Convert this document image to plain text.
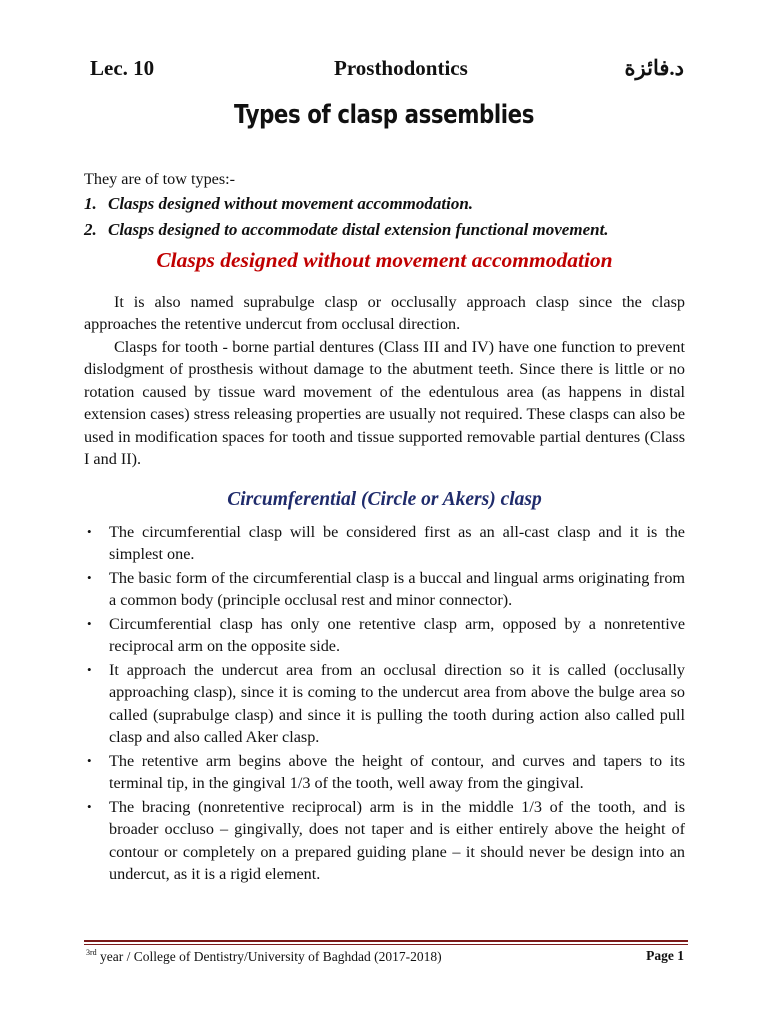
Lec. 10	Prosthodontics	د.فائزة
Types of clasp assemblies

They are of tow types:-

1. Clasps designed without movement accommodation.
2. Clasps designed to accommodate distal extension functional movement.
Clasps designed without movement accommodation

It is also named suprabulge clasp or occlusally approach clasp since the clasp approaches the retentive undercut from occlusal direction.

Clasps for tooth - borne partial dentures (Class III and IV) have one function to prevent dislodgment of prosthesis without damage to the abutment teeth. Since there is little or no rotation caused by tissue ward movement of the edentulous area (as happens in distal extension cases) stress releasing properties are usually not required. These clasps can also be used in modification spaces for tooth and tissue supported removable partial dentures (Class I and II).

Circumferential (Circle or Akers) clasp
• The circumferential clasp will be considered first as an all-cast clasp and it is the simplest one.
• The basic form of the circumferential clasp is a buccal and lingual arms originating from a common body (principle occlusal rest and minor connector).
• Circumferential clasp has only one retentive clasp arm, opposed by a nonretentive reciprocal arm on the opposite side.
• It approach the undercut area from an occlusal direction so it is called (occlusally approaching clasp), since it is coming to the undercut area from above the bulge area so called (suprabulge clasp) and since it is pulling the tooth during action also called pull clasp and also called Aker clasp.
• The retentive arm begins above the height of contour, and curves and tapers to its terminal tip, in the gingival 1/3 of the tooth, well away from the gingival.
• The bracing (nonretentive reciprocal) arm is in the middle 1/3 of the tooth, and is broader occluso – gingivally, does not taper and is either entirely above the height of contour or completely on a prepared guiding plane – it should never be design into an undercut, as it is a rigid element.
$^{3rd}$ year / College of Dentistry/University of Baghdad (2017-2018)	Page 1
